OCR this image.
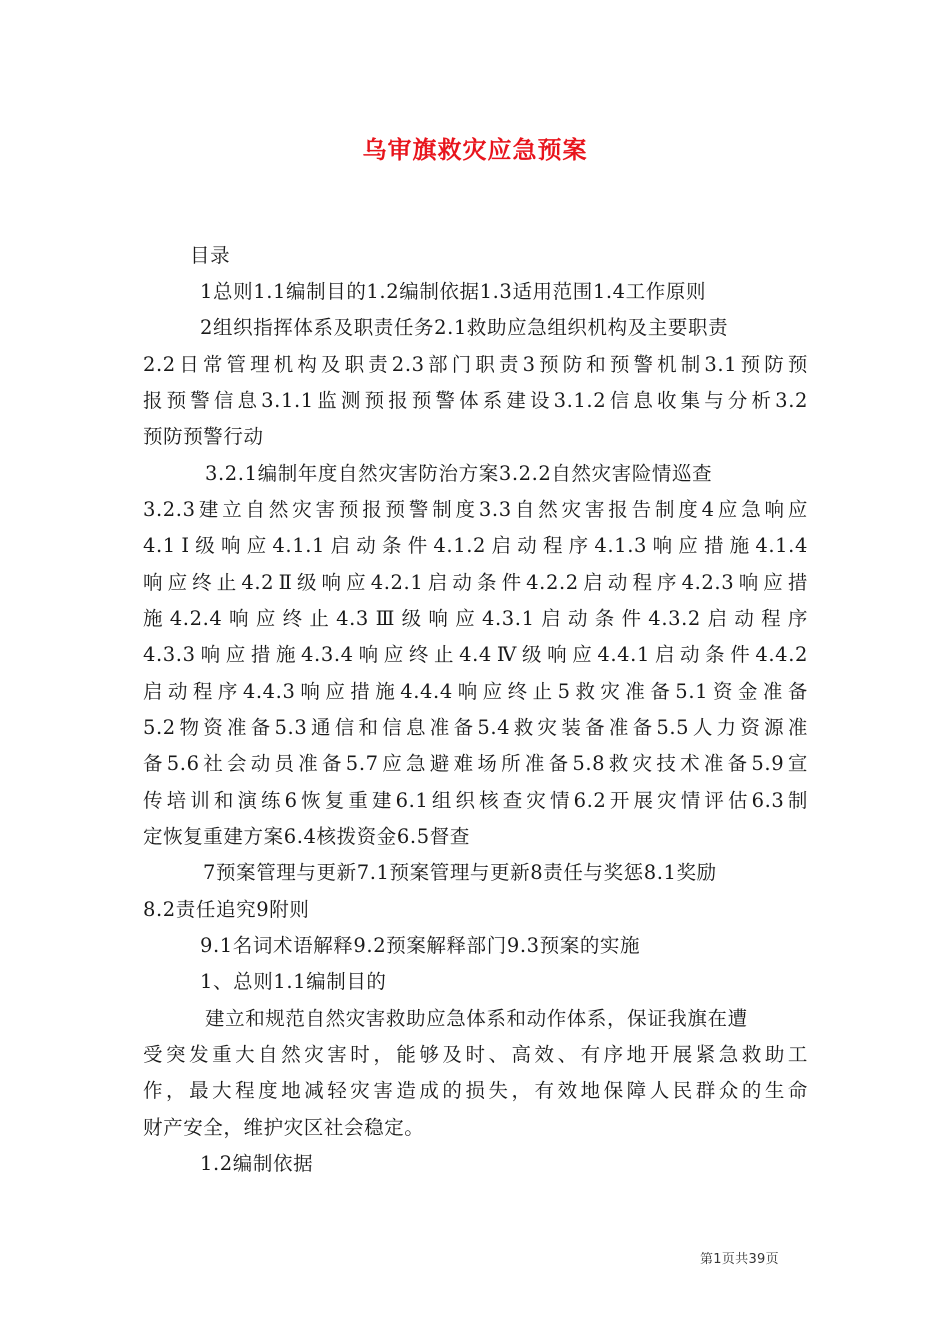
乌审旗救灾应急预案
目录
1总则1.1编制目的1.2编制依据1.3适用范围1.4工作原则
2组织指挥体系及职责任务2.1救助应急组织机构及主要职责
2.2日常管理机构及职责2.3部门职责3预防和预警机制3.1预防预
报预警信息3.1.1监测预报预警体系建设3.1.2信息收集与分析3.2
预防预警行动
3.2.1编制年度自然灾害防治方案3.2.2自然灾害险情巡查
3.2.3建立自然灾害预报预警制度3.3自然灾害报告制度4应急响应
4.1Ⅰ级响应4.1.1启动条件4.1.2启动程序4.1.3响应措施4.1.4
响应终止4.2Ⅱ级响应4.2.1启动条件4.2.2启动程序4.2.3响应措
施4.2.4响应终止4.3Ⅲ级响应4.3.1启动条件4.3.2启动程序
4.3.3响应措施4.3.4响应终止4.4Ⅳ级响应4.4.1启动条件4.4.2
启动程序4.4.3响应措施4.4.4响应终止5救灾准备5.1资金准备
5.2物资准备5.3通信和信息准备5.4救灾装备准备5.5人力资源准
备5.6社会动员准备5.7应急避难场所准备5.8救灾技术准备5.9宣
传培训和演练6恢复重建6.1组织核查灾情6.2开展灾情评估6.3制
定恢复重建方案6.4核拨资金6.5督查
7预案管理与更新7.1预案管理与更新8责任与奖惩8.1奖励
8.2责任追究9附则
9.1名词术语解释9.2预案解释部门9.3预案的实施
1、总则1.1编制目的
建立和规范自然灾害救助应急体系和动作体系，保证我旗在遭
受突发重大自然灾害时，能够及时、高效、有序地开展紧急救助工
作，最大程度地减轻灾害造成的损失，有效地保障人民群众的生命
财产安全，维护灾区社会稳定。
1.2编制依据
第1页共39页
